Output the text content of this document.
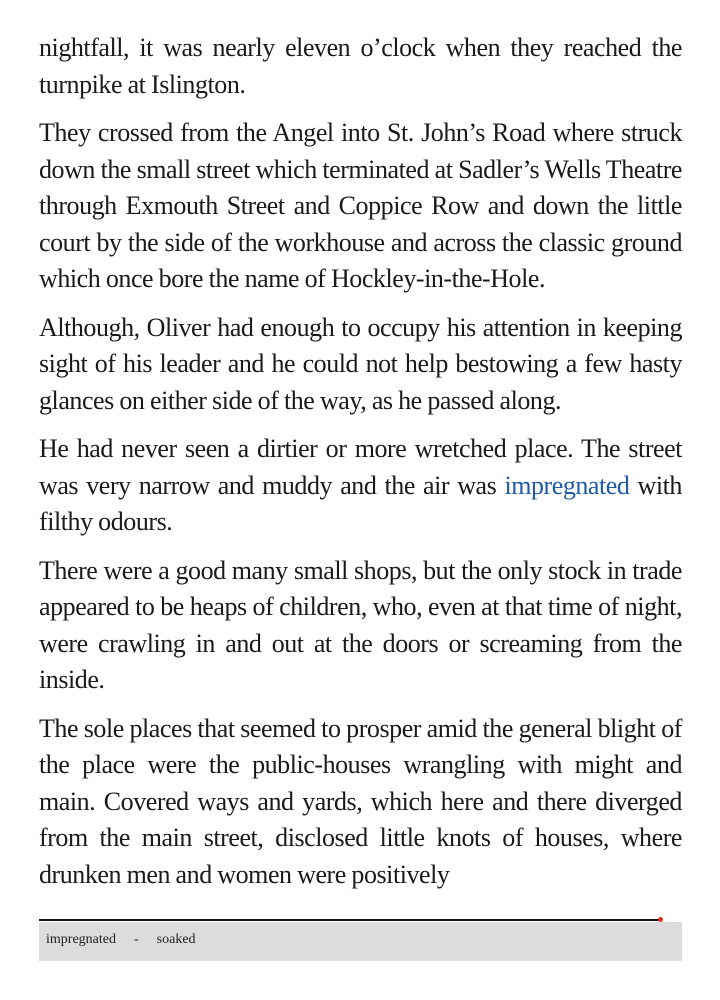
nightfall, it was nearly eleven o’clock when they reached the turnpike at Islington.

They crossed from the Angel into St. John’s Road where struck down the small street which terminated at Sadler’s Wells Theatre through Exmouth Street and Coppice Row and down the little court by the side of the workhouse and across the classic ground which once bore the name of Hockley-in-the-Hole.

Although, Oliver had enough to occupy his attention in keeping sight of his leader and he could not help bestowing a few hasty glances on either side of the way, as he passed along.

He had never seen a dirtier or more wretched place. The street was very narrow and muddy and the air was impregnated with filthy odours.

There were a good many small shops, but the only stock in trade appeared to be heaps of children, who, even at that time of night, were crawling in and out at the doors or screaming from the inside.

The sole places that seemed to prosper amid the general blight of the place were the public-houses wrangling with might and main. Covered ways and yards, which here and there diverged from the main street, disclosed little knots of houses, where drunken men and women were positively

impregnated - soaked
